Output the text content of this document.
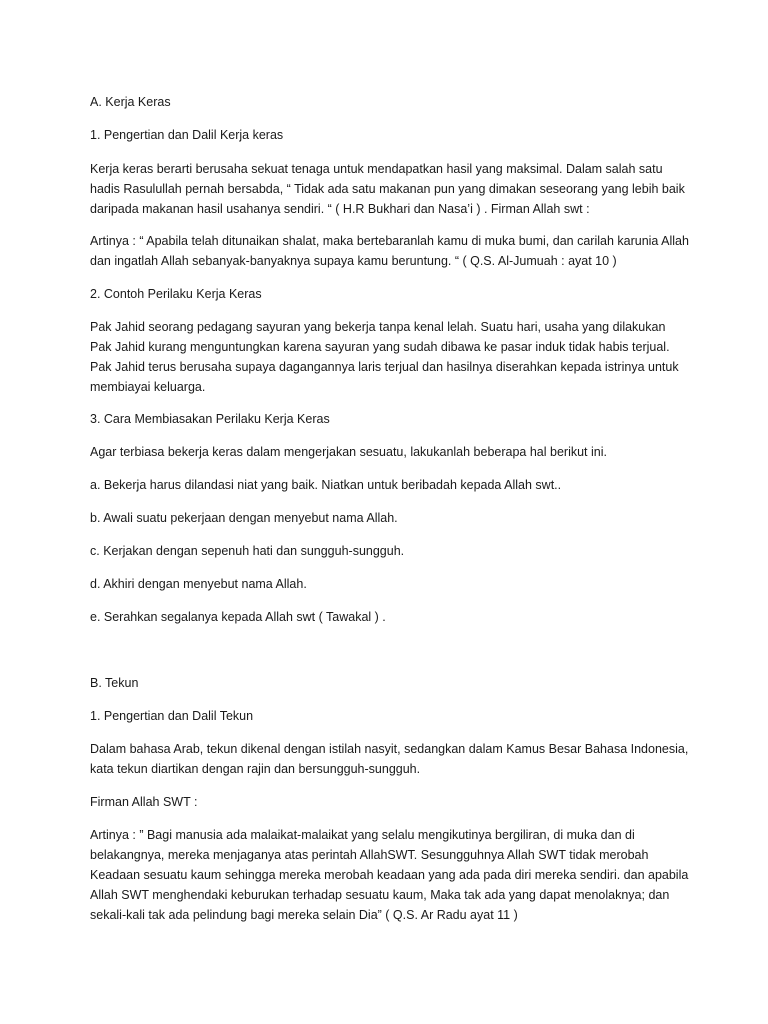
A. Kerja Keras

1. Pengertian dan Dalil Kerja keras

Kerja keras berarti berusaha sekuat tenaga untuk mendapatkan hasil yang maksimal. Dalam salah satu hadis Rasulullah pernah bersabda, “ Tidak ada satu makanan pun yang dimakan seseorang yang lebih baik daripada makanan hasil usahanya sendiri. “ ( H.R Bukhari dan Nasa’i ) . Firman Allah swt :

Artinya : “ Apabila telah ditunaikan shalat, maka bertebaranlah kamu di muka bumi, dan carilah karunia Allah dan ingatlah Allah sebanyak-banyaknya supaya kamu beruntung. “ ( Q.S. Al-Jumuah : ayat 10 )

2. Contoh Perilaku Kerja Keras

Pak Jahid seorang pedagang sayuran yang bekerja tanpa kenal lelah. Suatu hari, usaha yang dilakukan Pak Jahid kurang menguntungkan karena sayuran yang sudah dibawa ke pasar induk tidak habis terjual. Pak Jahid terus berusaha supaya dagangannya laris terjual dan hasilnya diserahkan kepada istrinya untuk membiayai keluarga.

3. Cara Membiasakan Perilaku Kerja Keras

Agar terbiasa bekerja keras dalam mengerjakan sesuatu, lakukanlah beberapa hal berikut ini.

a. Bekerja harus dilandasi niat yang baik. Niatkan untuk beribadah kepada Allah swt..

b. Awali suatu pekerjaan dengan menyebut nama Allah.

c. Kerjakan dengan sepenuh hati dan sungguh-sungguh.

d. Akhiri dengan menyebut nama Allah.

e. Serahkan segalanya kepada Allah swt ( Tawakal ) .

B. Tekun

1. Pengertian dan Dalil Tekun

Dalam bahasa Arab, tekun dikenal dengan istilah nasyit, sedangkan dalam Kamus Besar Bahasa Indonesia, kata tekun diartikan dengan rajin dan bersungguh-sungguh.

Firman Allah SWT :

Artinya : ” Bagi manusia ada malaikat-malaikat yang selalu mengikutinya bergiliran, di muka dan di belakangnya, mereka menjaganya atas perintah AllahSWT. Sesungguhnya Allah SWT tidak merobah Keadaan sesuatu kaum sehingga mereka merobah keadaan yang ada pada diri mereka sendiri. dan apabila Allah SWT menghendaki keburukan terhadap sesuatu kaum, Maka tak ada yang dapat menolaknya; dan sekali-kali tak ada pelindung bagi mereka selain Dia” ( Q.S. Ar Radu ayat 11 )
